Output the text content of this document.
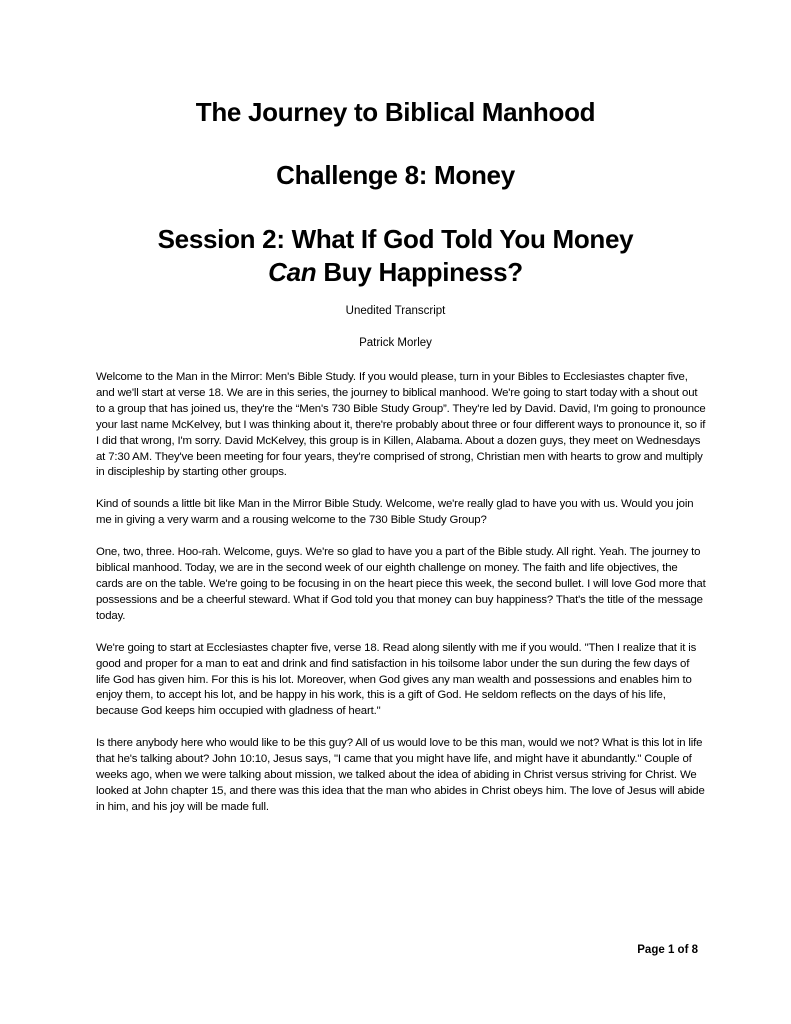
The Journey to Biblical Manhood
Challenge 8: Money
Session 2: What If God Told You Money Can Buy Happiness?
Unedited Transcript
Patrick Morley

Welcome to the Man in the Mirror: Men's Bible Study. If you would please, turn in your Bibles to Ecclesiastes chapter five, and we'll start at verse 18. We are in this series, the journey to biblical manhood. We're going to start today with a shout out to a group that has joined us, they're the “Men's 730 Bible Study Group”. They're led by David. David, I'm going to pronounce your last name McKelvey, but I was thinking about it, there're probably about three or four different ways to pronounce it, so if I did that wrong, I'm sorry. David McKelvey, this group is in Killen, Alabama. About a dozen guys, they meet on Wednesdays at 7:30 AM. They've been meeting for four years, they're comprised of strong, Christian men with hearts to grow and multiply in discipleship by starting other groups.

Kind of sounds a little bit like Man in the Mirror Bible Study. Welcome, we're really glad to have you with us. Would you join me in giving a very warm and a rousing welcome to the 730 Bible Study Group?

One, two, three. Hoo-rah. Welcome, guys. We're so glad to have you a part of the Bible study. All right. Yeah. The journey to biblical manhood. Today, we are in the second week of our eighth challenge on money. The faith and life objectives, the cards are on the table. We're going to be focusing in on the heart piece this week, the second bullet. I will love God more that possessions and be a cheerful steward. What if God told you that money can buy happiness? That's the title of the message today.

We're going to start at Ecclesiastes chapter five, verse 18. Read along silently with me if you would. "Then I realize that it is good and proper for a man to eat and drink and find satisfaction in his toilsome labor under the sun during the few days of life God has given him. For this is his lot. Moreover, when God gives any man wealth and possessions and enables him to enjoy them, to accept his lot, and be happy in his work, this is a gift of God. He seldom reflects on the days of his life, because God keeps him occupied with gladness of heart."

Is there anybody here who would like to be this guy? All of us would love to be this man, would we not? What is this lot in life that he's talking about? John 10:10, Jesus says, "I came that you might have life, and might have it abundantly." Couple of weeks ago, when we were talking about mission, we talked about the idea of abiding in Christ versus striving for Christ. We looked at John chapter 15, and there was this idea that the man who abides in Christ obeys him. The love of Jesus will abide in him, and his joy will be made full.

Page 1 of 8
